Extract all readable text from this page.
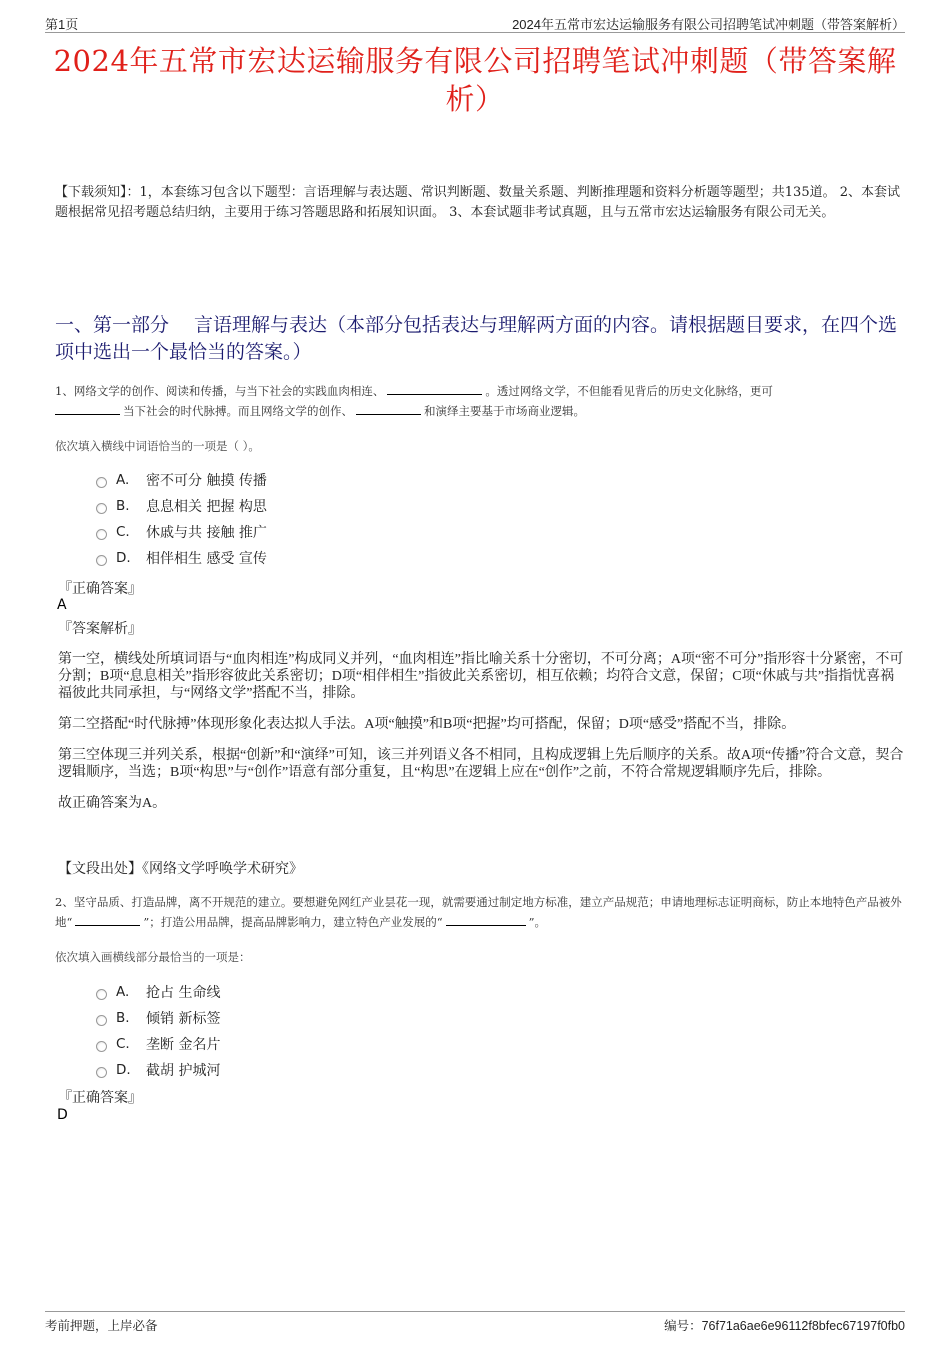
第1页	2024年五常市宏达运输服务有限公司招聘笔试冲刺题（带答案解析）
2024年五常市宏达运输服务有限公司招聘笔试冲刺题（带答案解析）
【下载须知】：1，本套练习包含以下题型：言语理解与表达题、常识判断题、数量关系题、判断推理题和资料分析题等题型；共135道。 2、本套试题根据常见招考题总结归纳，主要用于练习答题思路和拓展知识面。 3、本套试题非考试真题，且与五常市宏达运输服务有限公司无关。
一、第一部分　 言语理解与表达（本部分包括表达与理解两方面的内容。请根据题目要求，在四个选项中选出一个最恰当的答案。）
1、网络文学的创作、阅读和传播，与当下社会的实践血肉相连、	。透过网络文学，不但能看见背后的历史文化脉络，更可
当下社会的时代脉搏。而且网络文学的创作、	和演绎主要基于市场商业逻辑。
依次填入横线中词语恰当的一项是（ ）。
A.	密不可分 触摸 传播
B.	息息相关 把握 构思
C.	休戚与共 接触 推广
D.	相伴相生 感受 宣传
『正确答案』
A
『答案解析』

第一空，横线处所填词语与“血肉相连”构成同义并列，“血肉相连”指比喻关系十分密切，不可分离；A项“密不可分”指形容十分紧密，不可分割；B项“息息相关”指形容彼此关系密切；D项“相伴相生”指彼此关系密切，相互依赖；均符合文意，保留；C项“休戚与共”指指忧喜祸福彼此共同承担，与“网络文学”搭配不当，排除。

第二空搭配“时代脉搏”体现形象化表达拟人手法。A项“触摸”和B项“把握”均可搭配，保留；D项“感受”搭配不当，排除。

第三空体现三并列关系，根据“创新”和“演绎”可知，该三并列语义各不相同，且构成逻辑上先后顺序的关系。故A项“传播”符合文意，契合逻辑顺序，当选；B项“构思”与“创作”语意有部分重复，且“构思”在逻辑上应在“创作”之前，不符合常规逻辑顺序先后，排除。

故正确答案为A。

【文段出处】《网络文学呼唤学术研究》
2、坚守品质、打造品牌，离不开规范的建立。要想避免网红产业昙花一现，就需要通过制定地方标准，建立产品规范；申请地理标志证明商标，防止本地特色产品被外地“	”；打造公用品牌，提高品牌影响力，建立特色产业发展的“	”。
依次填入画横线部分最恰当的一项是：
A.	抢占 生命线
B.	倾销 新标签
C.	垄断 金名片
D.	截胡 护城河
『正确答案』
D
考前押题，上岸必备	编号：76f71a6ae6e96112f8bfec67197f0fb0
